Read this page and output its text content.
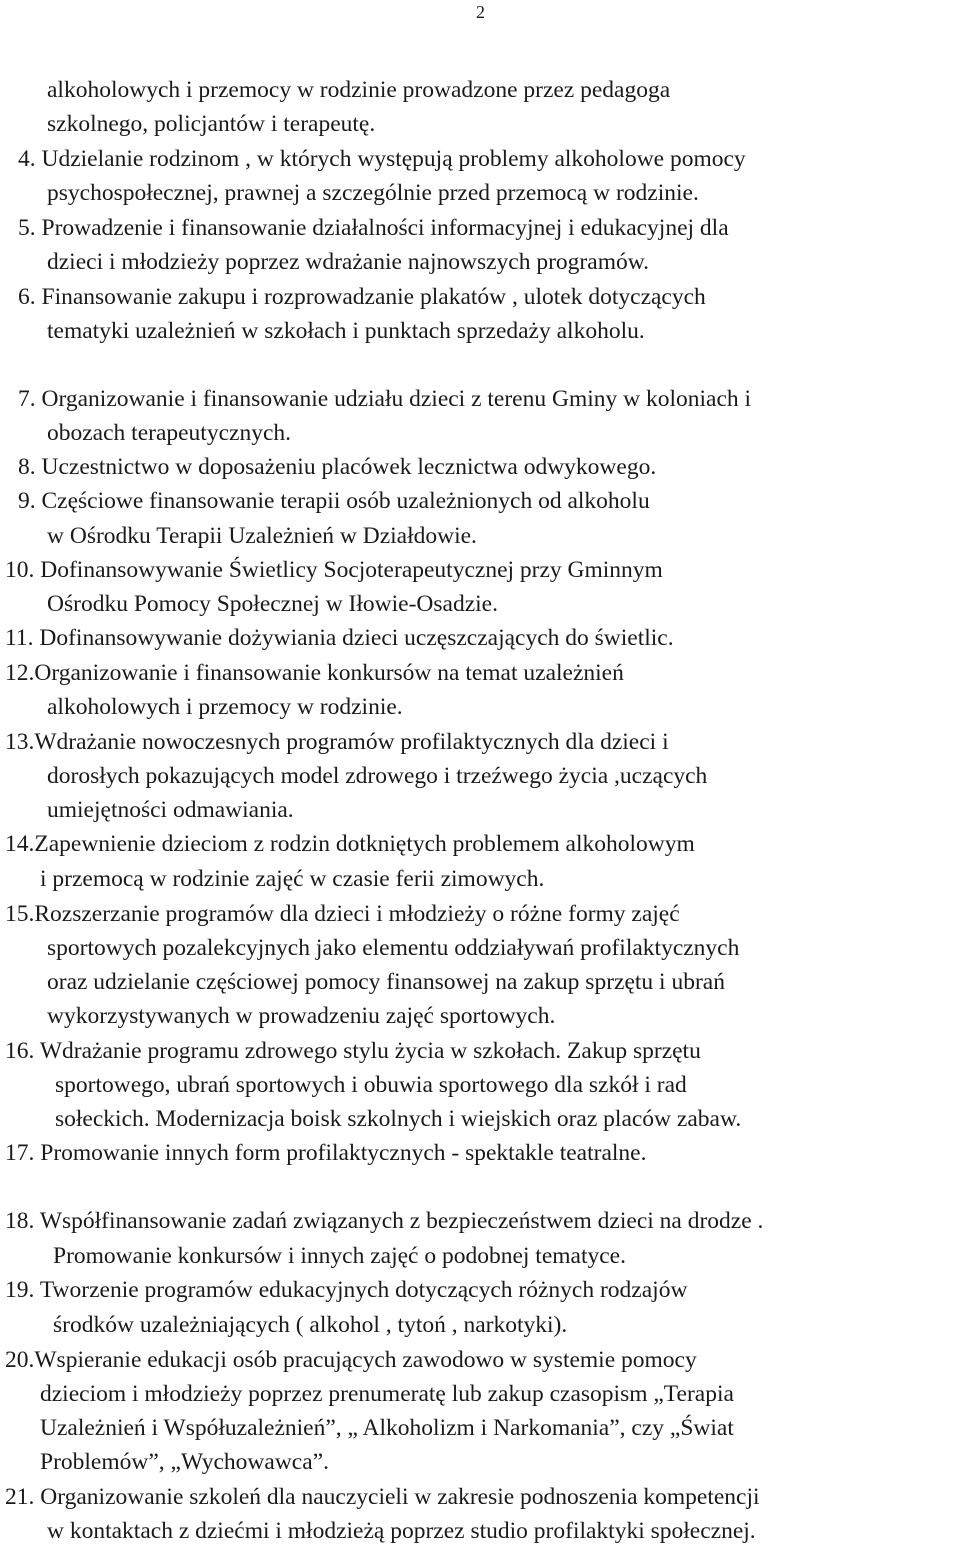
2
alkoholowych i przemocy w rodzinie prowadzone przez pedagoga
szkolnego, policjantów i terapeutę.
4. Udzielanie rodzinom , w których występują problemy alkoholowe pomocy
psychospołecznej, prawnej a szczególnie przed przemocą w rodzinie.
5. Prowadzenie i finansowanie działalności informacyjnej i edukacyjnej dla
dzieci i młodzieży poprzez wdrażanie najnowszych programów.
6. Finansowanie zakupu i rozprowadzanie plakatów , ulotek dotyczących
tematyki uzależnień w szkołach i punktach sprzedaży alkoholu.
7. Organizowanie i finansowanie udziału dzieci z terenu Gminy w koloniach i
obozach terapeutycznych.
8. Uczestnictwo w doposażeniu placówek lecznictwa odwykowego.
9. Częściowe finansowanie terapii osób uzależnionych od alkoholu
w Ośrodku Terapii Uzależnień w Działdowie.
10. Dofinansowywanie Świetlicy Socjoterapeutycznej przy Gminnym
Ośrodku Pomocy Społecznej w Iłowie-Osadzie.
11. Dofinansowywanie dożywiania dzieci uczęszczających do świetlic.
12.Organizowanie i finansowanie konkursów na temat uzależnień
alkoholowych i przemocy w rodzinie.
13.Wdrażanie nowoczesnych programów profilaktycznych dla dzieci i
dorosłych pokazujących model zdrowego i trzeźwego życia ,uczących
umiejętności odmawiania.
14.Zapewnienie dzieciom z rodzin dotkniętych problemem alkoholowym
i przemocą w rodzinie zajęć w czasie ferii zimowych.
15.Rozszerzanie programów dla dzieci i młodzieży o różne formy zajęć
sportowych pozalekcyjnych jako elementu oddziaływań profilaktycznych
oraz udzielanie częściowej pomocy finansowej na zakup sprzętu i ubrań
wykorzystywanych w prowadzeniu zajęć sportowych.
16. Wdrażanie programu zdrowego stylu życia w szkołach. Zakup sprzętu
sportowego, ubrań sportowych i obuwia sportowego dla szkół i rad
sołeckich. Modernizacja boisk szkolnych i wiejskich oraz placów zabaw.
17. Promowanie innych form profilaktycznych - spektakle teatralne.
18. Współfinansowanie zadań związanych z bezpieczeństwem dzieci na drodze .
Promowanie konkursów i innych zajęć o podobnej tematyce.
19. Tworzenie programów edukacyjnych dotyczących różnych rodzajów
środków uzależniających ( alkohol , tytoń , narkotyki).
20.Wspieranie edukacji osób pracujących zawodowo w systemie pomocy
dzieciom i młodzieży poprzez prenumeratę lub zakup czasopism „Terapia
Uzależnień i Współuzależnień”, „ Alkoholizm i Narkomania”, czy „Świat
Problemów”, „Wychowawca”.
21. Organizowanie szkoleń dla nauczycieli w zakresie podnoszenia kompetencji
w kontaktach z dziećmi i młodzieżą poprzez studio profilaktyki społecznej.
